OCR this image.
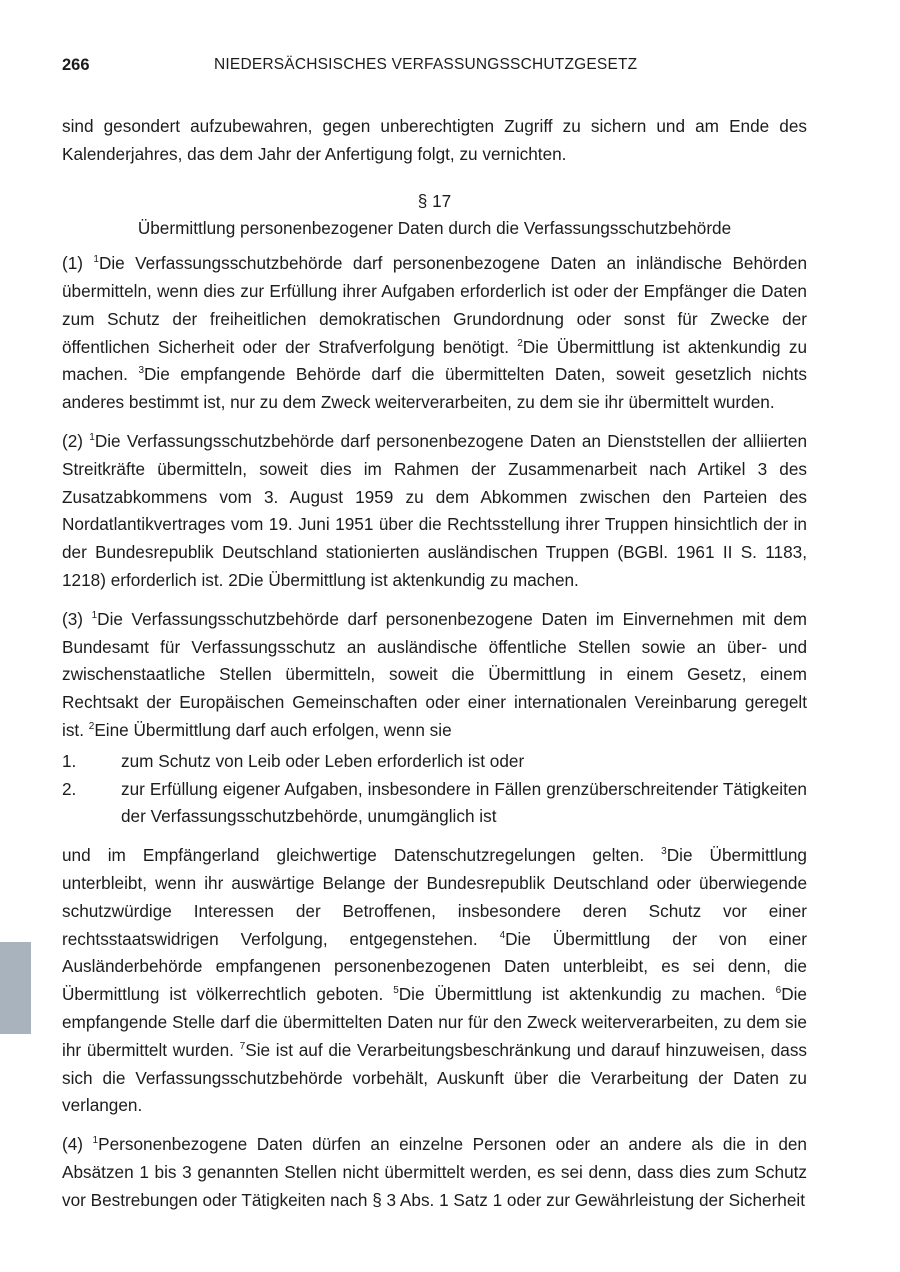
266	NIEDERSÄCHSISCHES VERFASSUNGSSCHUTZGESETZ

sind gesondert aufzubewahren, gegen unberechtigten Zugriff zu sichern und am Ende des Kalenderjahres, das dem Jahr der Anfertigung folgt, zu vernichten.

§ 17

Übermittlung personenbezogener Daten durch die Verfassungsschutzbehörde

(1) $^1$Die Verfassungsschutzbehörde darf personenbezogene Daten an inländische Behörden übermitteln, wenn dies zur Erfüllung ihrer Aufgaben erforderlich ist oder der Empfänger die Daten zum Schutz der freiheitlichen demokratischen Grundordnung oder sonst für Zwecke der öffentlichen Sicherheit oder der Strafverfolgung benötigt. $^2$Die Übermittlung ist aktenkundig zu machen. $^3$Die empfangende Behörde darf die übermittelten Daten, soweit gesetzlich nichts anderes bestimmt ist, nur zu dem Zweck weiterverarbeiten, zu dem sie ihr übermittelt wurden.

(2) $^1$Die Verfassungsschutzbehörde darf personenbezogene Daten an Dienststellen der alliierten Streitkräfte übermitteln, soweit dies im Rahmen der Zusammenarbeit nach Artikel 3 des Zusatzabkommens vom 3. August 1959 zu dem Abkommen zwischen den Parteien des Nordatlantikvertrages vom 19. Juni 1951 über die Rechtsstellung ihrer Truppen hinsichtlich der in der Bundesrepublik Deutschland stationierten ausländischen Truppen (BGBl. 1961 II S. 1183, 1218) erforderlich ist. 2Die Übermittlung ist aktenkundig zu machen.

(3) $^1$Die Verfassungsschutzbehörde darf personenbezogene Daten im Einvernehmen mit dem Bundesamt für Verfassungsschutz an ausländische öffentliche Stellen sowie an über- und zwischenstaatliche Stellen übermitteln, soweit die Übermittlung in einem Gesetz, einem Rechtsakt der Europäischen Gemeinschaften oder einer internationalen Vereinbarung geregelt ist. $^2$Eine Übermittlung darf auch erfolgen, wenn sie

1.	zum Schutz von Leib oder Leben erforderlich ist oder
2.	zur Erfüllung eigener Aufgaben, insbesondere in Fällen grenzüberschreitender Tätigkeiten der Verfassungsschutzbehörde, unumgänglich ist

und im Empfängerland gleichwertige Datenschutzregelungen gelten. $^3$Die Übermittlung unterbleibt, wenn ihr auswärtige Belange der Bundesrepublik Deutschland oder überwiegende schutzwürdige Interessen der Betroffenen, insbesondere deren Schutz vor einer rechtsstaatswidrigen Verfolgung, entgegenstehen. $^4$Die Übermittlung der von einer Ausländerbehörde empfangenen personenbezogenen Daten unterbleibt, es sei denn, die Übermittlung ist völkerrechtlich geboten. $^5$Die Übermittlung ist aktenkundig zu machen. $^6$Die empfangende Stelle darf die übermittelten Daten nur für den Zweck weiterverarbeiten, zu dem sie ihr übermittelt wurden. $^7$Sie ist auf die Verarbeitungsbeschränkung und darauf hinzuweisen, dass sich die Verfassungsschutzbehörde vorbehält, Auskunft über die Verarbeitung der Daten zu verlangen.

(4) $^1$Personenbezogene Daten dürfen an einzelne Personen oder an andere als die in den Absätzen 1 bis 3 genannten Stellen nicht übermittelt werden, es sei denn, dass dies zum Schutz vor Bestrebungen oder Tätigkeiten nach § 3 Abs. 1 Satz 1 oder zur Gewährleistung der Sicherheit
